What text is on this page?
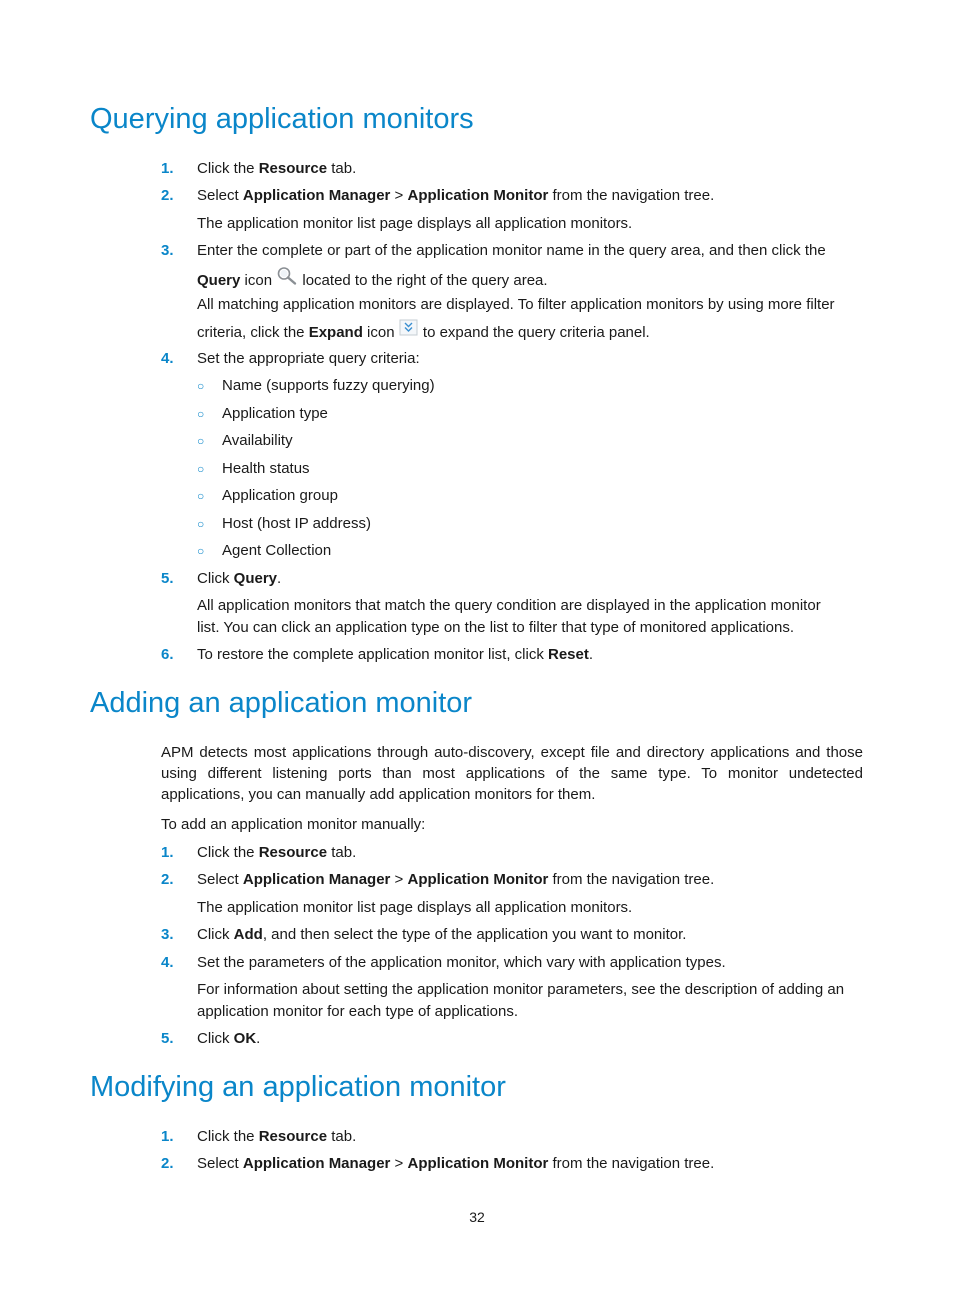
Querying application monitors
1. Click the Resource tab.
2. Select Application Manager > Application Monitor from the navigation tree.
The application monitor list page displays all application monitors.
3. Enter the complete or part of the application monitor name in the query area, and then click the
Query icon  located to the right of the query area.
All matching application monitors are displayed. To filter application monitors by using more filter
criteria, click the Expand icon  to expand the query criteria panel.
4. Set the appropriate query criteria:
○ Name (supports fuzzy querying)
○ Application type
○ Availability
○ Health status
○ Application group
○ Host (host IP address)
○ Agent Collection
5. Click Query.
All application monitors that match the query condition are displayed in the application monitor
list. You can click an application type on the list to filter that type of monitored applications.
6. To restore the complete application monitor list, click Reset.
Adding an application monitor
APM detects most applications through auto-discovery, except file and directory applications and those
using different listening ports than most applications of the same type. To monitor undetected
applications, you can manually add application monitors for them.
To add an application monitor manually:
1. Click the Resource tab.
2. Select Application Manager > Application Monitor from the navigation tree.
The application monitor list page displays all application monitors.
3. Click Add, and then select the type of the application you want to monitor.
4. Set the parameters of the application monitor, which vary with application types.
For information about setting the application monitor parameters, see the description of adding an
application monitor for each type of applications.
5. Click OK.
Modifying an application monitor
1. Click the Resource tab.
2. Select Application Manager > Application Monitor from the navigation tree.
32
